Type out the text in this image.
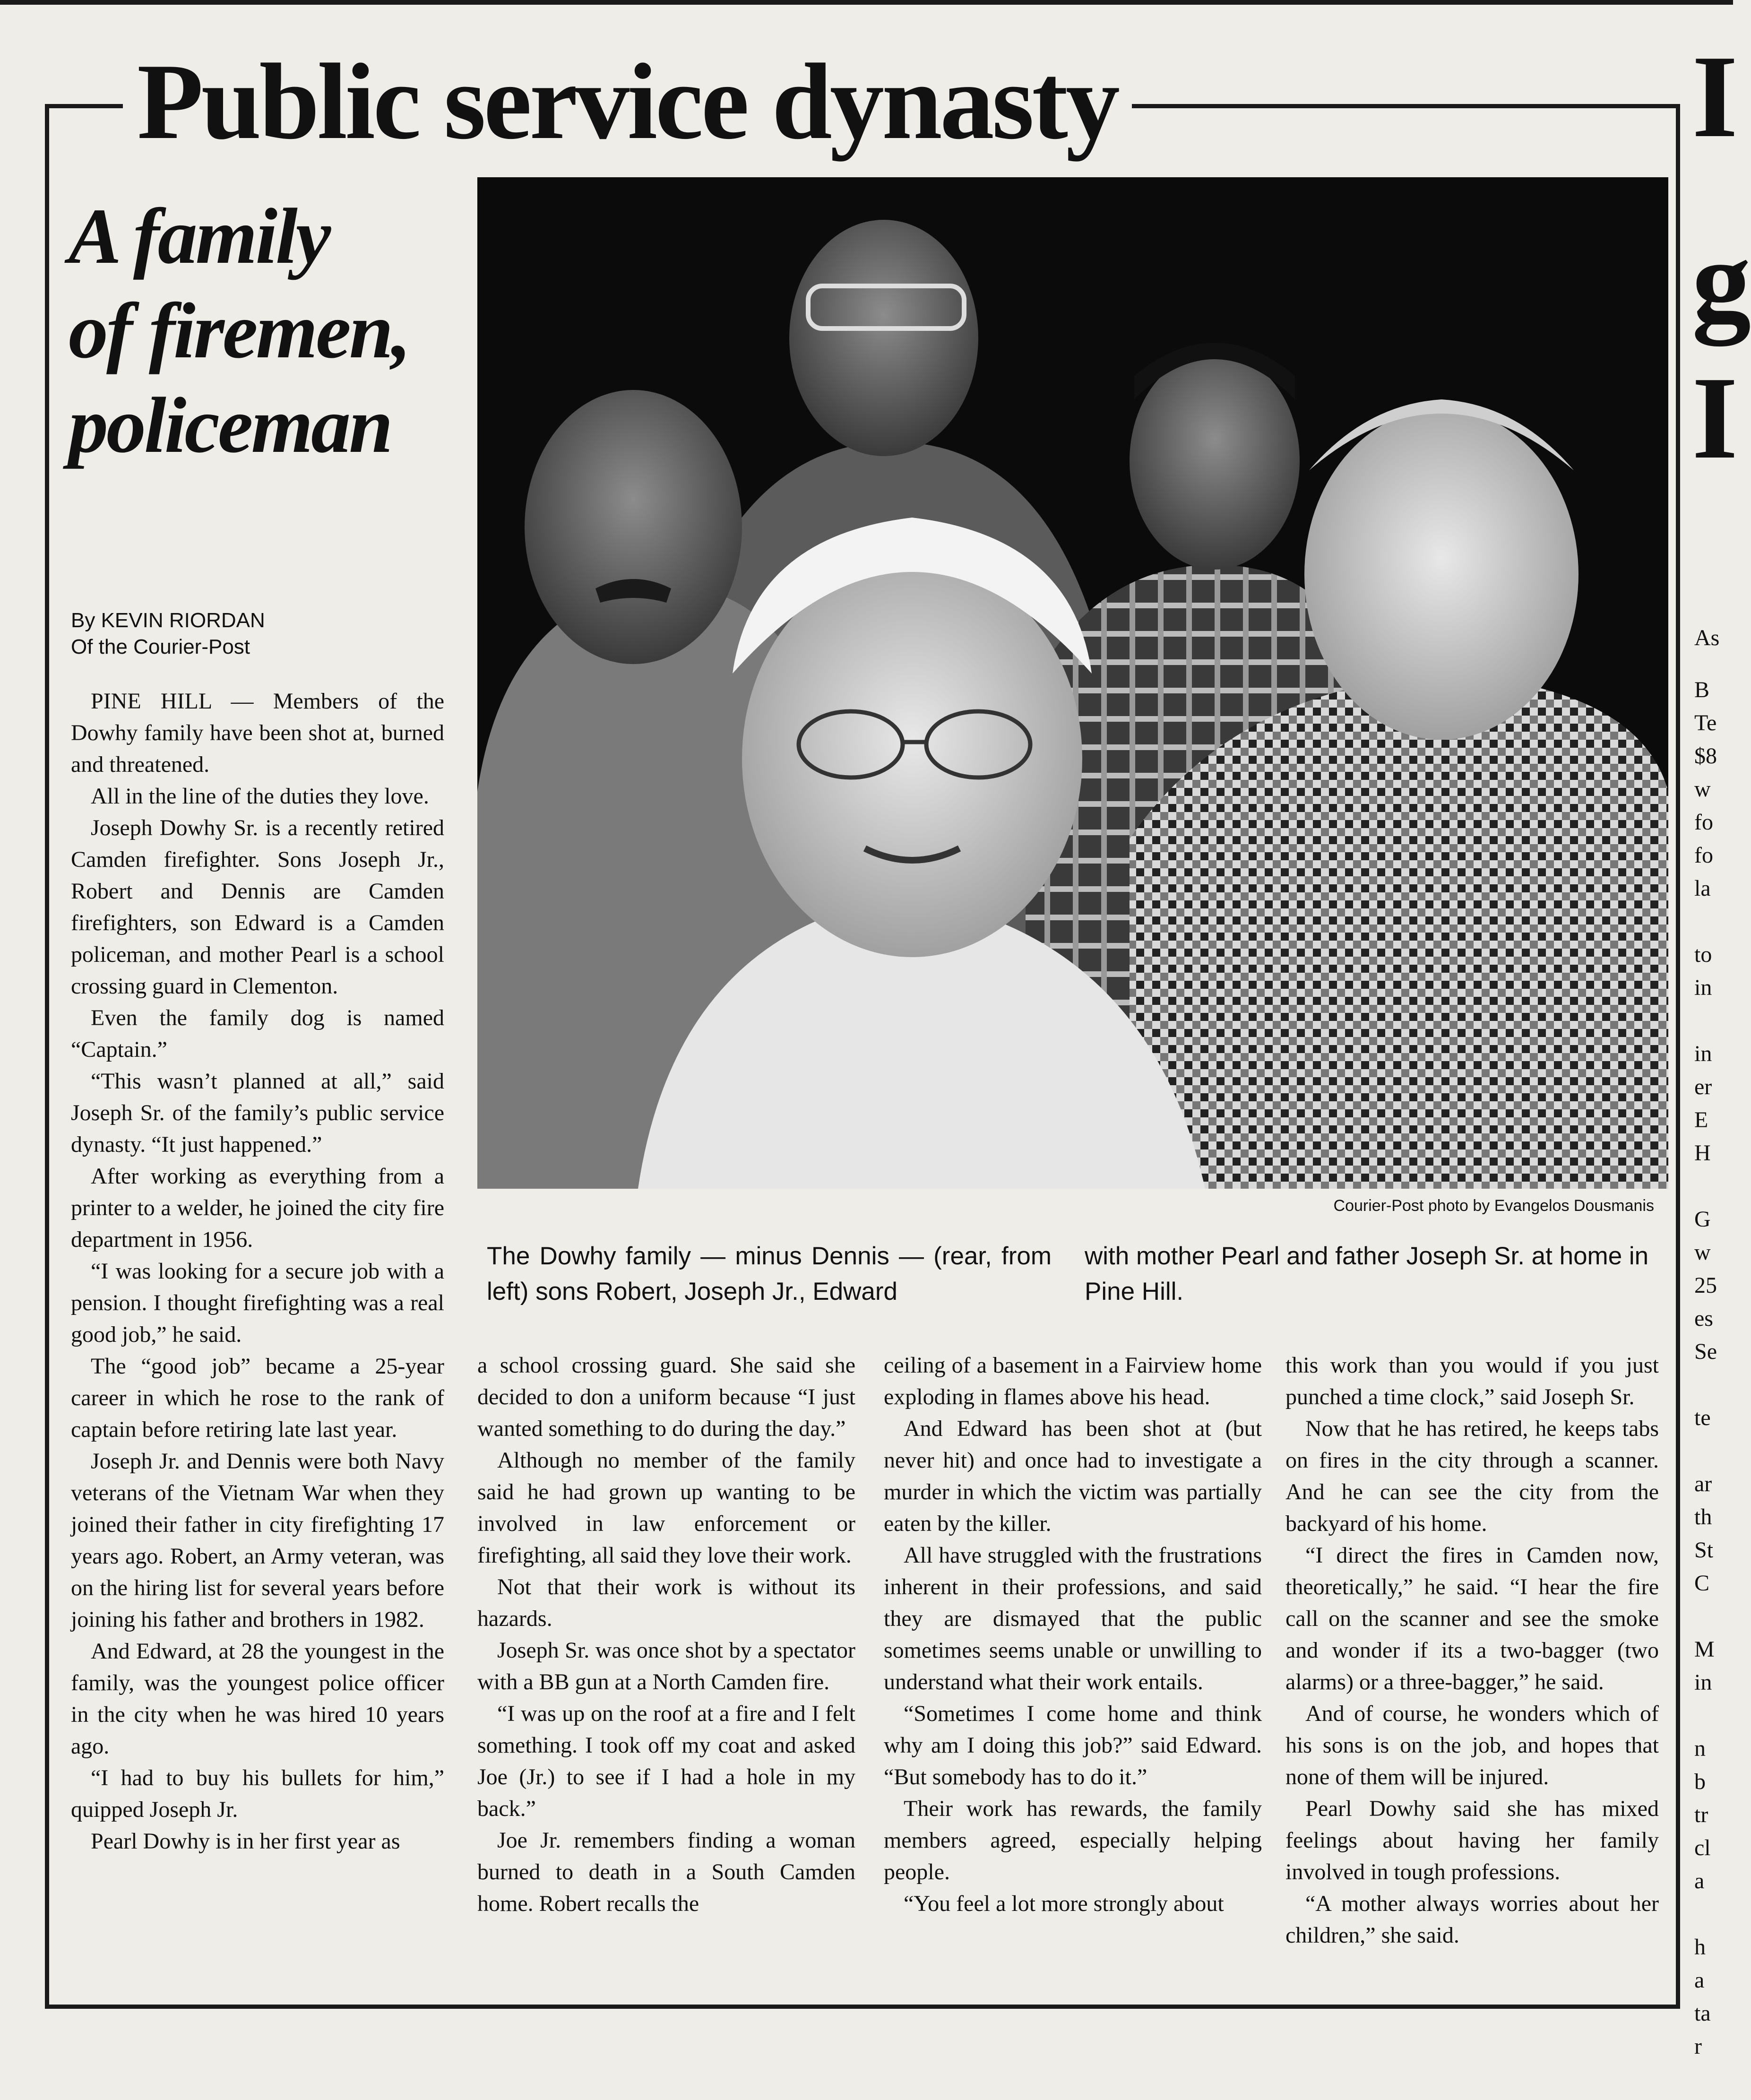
Public service dynasty
A family
of firemen,
policeman
By KEVIN RIORDAN
Of the Courier-Post

PINE HILL — Members of the Dowhy family have been shot at, burned and threatened.

All in the line of the duties they love.

Joseph Dowhy Sr. is a recently retired Camden firefighter. Sons Joseph Jr., Robert and Dennis are Camden firefighters, son Edward is a Camden policeman, and mother Pearl is a school crossing guard in Clementon.

Even the family dog is named “Captain.”

“This wasn’t planned at all,” said Joseph Sr. of the family’s public service dynasty. “It just happened.”

After working as everything from a printer to a welder, he joined the city fire department in 1956.

“I was looking for a secure job with a pension. I thought firefighting was a real good job,” he said.

The “good job” became a 25-year career in which he rose to the rank of captain before retiring late last year.

Joseph Jr. and Dennis were both Navy veterans of the Vietnam War when they joined their father in city firefighting 17 years ago. Robert, an Army veteran, was on the hiring list for several years before joining his father and brothers in 1982.

And Edward, at 28 the youngest in the family, was the youngest police officer in the city when he was hired 10 years ago.

“I had to buy his bullets for him,” quipped Joseph Jr.

Pearl Dowhy is in her first year as

Courier-Post photo by Evangelos Dousmanis
The Dowhy family — minus Dennis — (rear, from left) sons Robert, Joseph Jr., Edward
with mother Pearl and father Joseph Sr. at home in Pine Hill.

a school crossing guard. She said she decided to don a uniform because “I just wanted something to do during the day.”

Although no member of the family said he had grown up wanting to be involved in law enforcement or firefighting, all said they love their work.

Not that their work is without its hazards.

Joseph Sr. was once shot by a spectator with a BB gun at a North Camden fire.

“I was up on the roof at a fire and I felt something. I took off my coat and asked Joe (Jr.) to see if I had a hole in my back.”

Joe Jr. remembers finding a woman burned to death in a South Camden home. Robert recalls the

ceiling of a basement in a Fairview home exploding in flames above his head.

And Edward has been shot at (but never hit) and once had to investigate a murder in which the victim was partially eaten by the killer.

All have struggled with the frustrations inherent in their professions, and said they are dismayed that the public sometimes seems unable or unwilling to understand what their work entails.

“Sometimes I come home and think why am I doing this job?” said Edward. “But somebody has to do it.”

Their work has rewards, the family members agreed, especially helping people.

“You feel a lot more strongly about

this work than you would if you just punched a time clock,” said Joseph Sr.

Now that he has retired, he keeps tabs on fires in the city through a scanner. And he can see the city from the backyard of his home.

“I direct the fires in Camden now, theoretically,” he said. “I hear the fire call on the scanner and see the smoke and wonder if its a two-bagger (two alarms) or a three-bagger,” he said.

And of course, he wonders which of his sons is on the job, and hopes that none of them will be injured.

Pearl Dowhy said she has mixed feelings about having her family involved in tough professions.

“A mother always worries about her children,” she said.

I
g
I
As
B
Te
$8
w
fo
fo
la
to
in
in
er
E
H
G
w
25
es
Se
te
ar
th
St
C
M
in
n
b
tr
cl
a
h
a
ta
r
